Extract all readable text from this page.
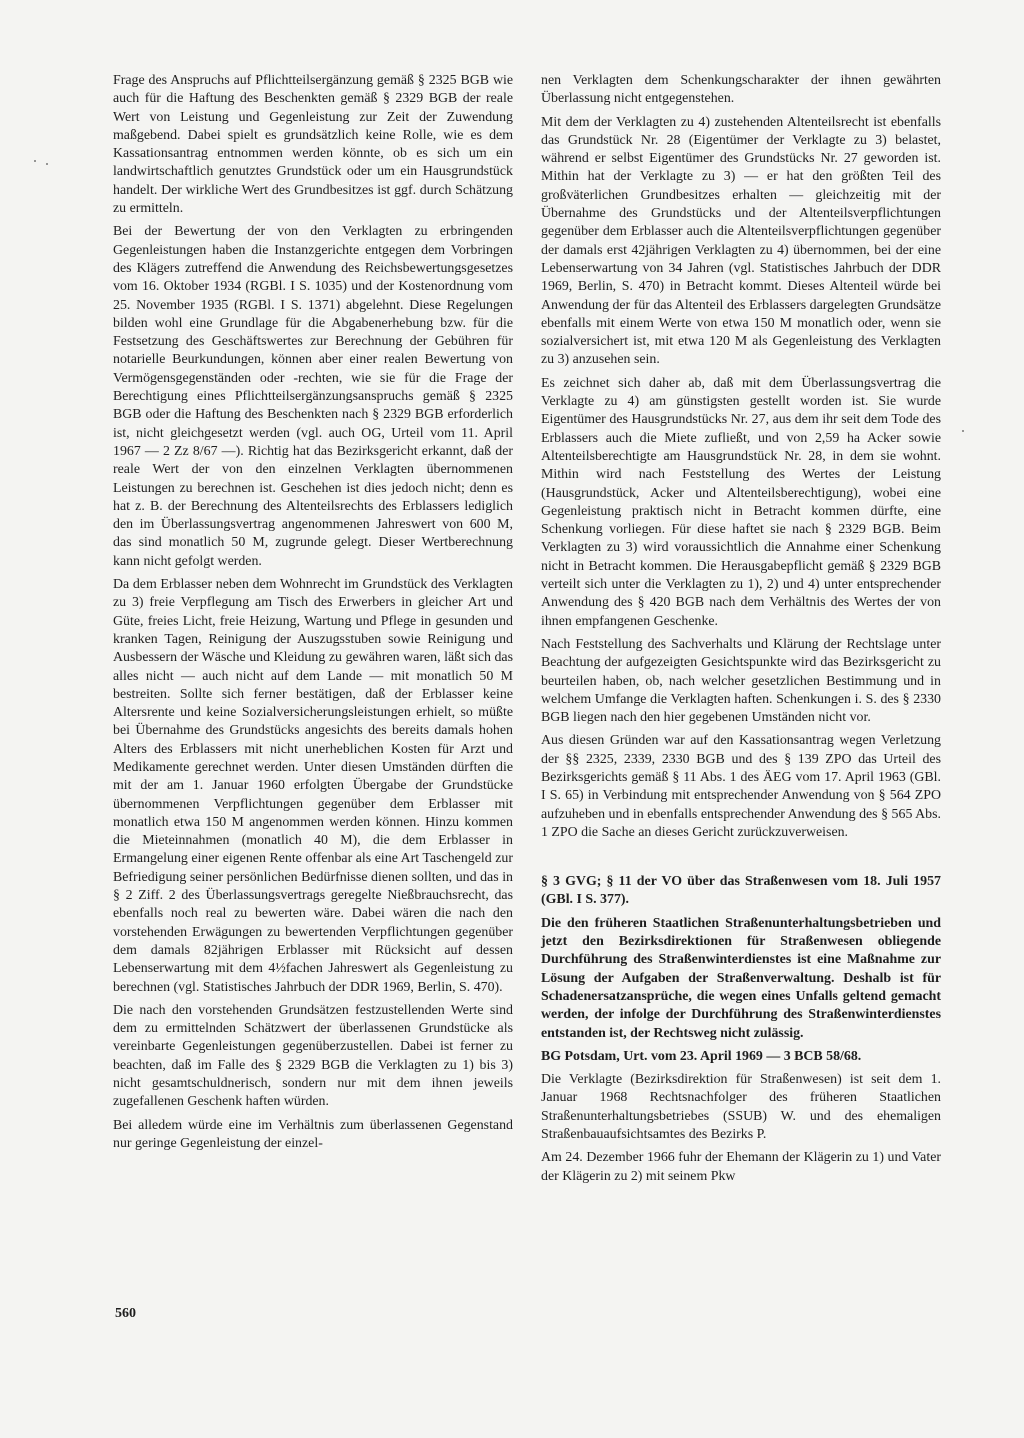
Frage des Anspruchs auf Pflichtteilsergänzung gemäß § 2325 BGB wie auch für die Haftung des Beschenkten gemäß § 2329 BGB der reale Wert von Leistung und Gegenleistung zur Zeit der Zuwendung maßgebend. Dabei spielt es grundsätzlich keine Rolle, wie es dem Kassationsantrag entnommen werden könnte, ob es sich um ein landwirtschaftlich genutztes Grundstück oder um ein Hausgrundstück handelt. Der wirkliche Wert des Grundbesitzes ist ggf. durch Schätzung zu ermitteln.

Bei der Bewertung der von den Verklagten zu erbringenden Gegenleistungen haben die Instanzgerichte entgegen dem Vorbringen des Klägers zutreffend die Anwendung des Reichsbewertungsgesetzes vom 16. Oktober 1934 (RGBl. I S. 1035) und der Kostenordnung vom 25. November 1935 (RGBl. I S. 1371) abgelehnt. Diese Regelungen bilden wohl eine Grundlage für die Abgabenerhebung bzw. für die Festsetzung des Geschäftswertes zur Berechnung der Gebühren für notarielle Beurkundungen, können aber einer realen Bewertung von Vermögensgegenständen oder -rechten, wie sie für die Frage der Berechtigung eines Pflichtteilsergänzungsanspruchs gemäß § 2325 BGB oder die Haftung des Beschenkten nach § 2329 BGB erforderlich ist, nicht gleichgesetzt werden (vgl. auch OG, Urteil vom 11. April 1967 — 2 Zz 8/67 —). Richtig hat das Bezirksgericht erkannt, daß der reale Wert der von den einzelnen Verklagten übernommenen Leistungen zu berechnen ist. Geschehen ist dies jedoch nicht; denn es hat z. B. der Berechnung des Altenteilsrechts des Erblassers lediglich den im Überlassungsvertrag angenommenen Jahreswert von 600 M, das sind monatlich 50 M, zugrunde gelegt. Dieser Wertberechnung kann nicht gefolgt werden.

Da dem Erblasser neben dem Wohnrecht im Grundstück des Verklagten zu 3) freie Verpflegung am Tisch des Erwerbers in gleicher Art und Güte, freies Licht, freie Heizung, Wartung und Pflege in gesunden und kranken Tagen, Reinigung der Auszugsstuben sowie Reinigung und Ausbessern der Wäsche und Kleidung zu gewähren waren, läßt sich das alles nicht — auch nicht auf dem Lande — mit monatlich 50 M bestreiten. Sollte sich ferner bestätigen, daß der Erblasser keine Altersrente und keine Sozialversicherungsleistungen erhielt, so müßte bei Übernahme des Grundstücks angesichts des bereits damals hohen Alters des Erblassers mit nicht unerheblichen Kosten für Arzt und Medikamente gerechnet werden. Unter diesen Umständen dürften die mit der am 1. Januar 1960 erfolgten Übergabe der Grundstücke übernommenen Verpflichtungen gegenüber dem Erblasser mit monatlich etwa 150 M angenommen werden können. Hinzu kommen die Mieteinnahmen (monatlich 40 M), die dem Erblasser in Ermangelung einer eigenen Rente offenbar als eine Art Taschengeld zur Befriedigung seiner persönlichen Bedürfnisse dienen sollten, und das in § 2 Ziff. 2 des Überlassungsvertrags geregelte Nießbrauchsrecht, das ebenfalls noch real zu bewerten wäre. Dabei wären die nach den vorstehenden Erwägungen zu bewertenden Verpflichtungen gegenüber dem damals 82jährigen Erblasser mit Rücksicht auf dessen Lebenserwartung mit dem 4½fachen Jahreswert als Gegenleistung zu berechnen (vgl. Statistisches Jahrbuch der DDR 1969, Berlin, S. 470).

Die nach den vorstehenden Grundsätzen festzustellenden Werte sind dem zu ermittelnden Schätzwert der überlassenen Grundstücke als vereinbarte Gegenleistungen gegenüberzustellen. Dabei ist ferner zu beachten, daß im Falle des § 2329 BGB die Verklagten zu 1) bis 3) nicht gesamtschuldnerisch, sondern nur mit dem ihnen jeweils zugefallenen Geschenk haften würden.

Bei alledem würde eine im Verhältnis zum überlassenen Gegenstand nur geringe Gegenleistung der einzel-

nen Verklagten dem Schenkungscharakter der ihnen gewährten Überlassung nicht entgegenstehen.

Mit dem der Verklagten zu 4) zustehenden Altenteilsrecht ist ebenfalls das Grundstück Nr. 28 (Eigentümer der Verklagte zu 3) belastet, während er selbst Eigentümer des Grundstücks Nr. 27 geworden ist. Mithin hat der Verklagte zu 3) — er hat den größten Teil des großväterlichen Grundbesitzes erhalten — gleichzeitig mit der Übernahme des Grundstücks und der Altenteilsverpflichtungen gegenüber dem Erblasser auch die Altenteilsverpflichtungen gegenüber der damals erst 42jährigen Verklagten zu 4) übernommen, bei der eine Lebenserwartung von 34 Jahren (vgl. Statistisches Jahrbuch der DDR 1969, Berlin, S. 470) in Betracht kommt. Dieses Altenteil würde bei Anwendung der für das Altenteil des Erblassers dargelegten Grundsätze ebenfalls mit einem Werte von etwa 150 M monatlich oder, wenn sie sozialversichert ist, mit etwa 120 M als Gegenleistung des Verklagten zu 3) anzusehen sein.

Es zeichnet sich daher ab, daß mit dem Überlassungsvertrag die Verklagte zu 4) am günstigsten gestellt worden ist. Sie wurde Eigentümer des Hausgrundstücks Nr. 27, aus dem ihr seit dem Tode des Erblassers auch die Miete zufließt, und von 2,59 ha Acker sowie Altenteilsberechtigte am Hausgrundstück Nr. 28, in dem sie wohnt. Mithin wird nach Feststellung des Wertes der Leistung (Hausgrundstück, Acker und Altenteilsberechtigung), wobei eine Gegenleistung praktisch nicht in Betracht kommen dürfte, eine Schenkung vorliegen. Für diese haftet sie nach § 2329 BGB. Beim Verklagten zu 3) wird voraussichtlich die Annahme einer Schenkung nicht in Betracht kommen. Die Herausgabepflicht gemäß § 2329 BGB verteilt sich unter die Verklagten zu 1), 2) und 4) unter entsprechender Anwendung des § 420 BGB nach dem Verhältnis des Wertes der von ihnen empfangenen Geschenke.

Nach Feststellung des Sachverhalts und Klärung der Rechtslage unter Beachtung der aufgezeigten Gesichtspunkte wird das Bezirksgericht zu beurteilen haben, ob, nach welcher gesetzlichen Bestimmung und in welchem Umfange die Verklagten haften. Schenkungen i. S. des § 2330 BGB liegen nach den hier gegebenen Umständen nicht vor.

Aus diesen Gründen war auf den Kassationsantrag wegen Verletzung der §§ 2325, 2339, 2330 BGB und des § 139 ZPO das Urteil des Bezirksgerichts gemäß § 11 Abs. 1 des ÄEG vom 17. April 1963 (GBl. I S. 65) in Verbindung mit entsprechender Anwendung von § 564 ZPO aufzuheben und in ebenfalls entsprechender Anwendung des § 565 Abs. 1 ZPO die Sache an dieses Gericht zurückzuverweisen.

§ 3 GVG; § 11 der VO über das Straßenwesen vom 18. Juli 1957 (GBl. I S. 377).

Die den früheren Staatlichen Straßenunterhaltungsbetrieben und jetzt den Bezirksdirektionen für Straßenwesen obliegende Durchführung des Straßenwinterdienstes ist eine Maßnahme zur Lösung der Aufgaben der Straßenverwaltung. Deshalb ist für Schadenersatzansprüche, die wegen eines Unfalls geltend gemacht werden, der infolge der Durchführung des Straßenwinterdienstes entstanden ist, der Rechtsweg nicht zulässig.

BG Potsdam, Urt. vom 23. April 1969 — 3 BCB 58/68.

Die Verklagte (Bezirksdirektion für Straßenwesen) ist seit dem 1. Januar 1968 Rechtsnachfolger des früheren Staatlichen Straßenunterhaltungsbetriebes (SSUB) W. und des ehemaligen Straßenbauaufsichtsamtes des Bezirks P.

Am 24. Dezember 1966 fuhr der Ehemann der Klägerin zu 1) und Vater der Klägerin zu 2) mit seinem Pkw

560
